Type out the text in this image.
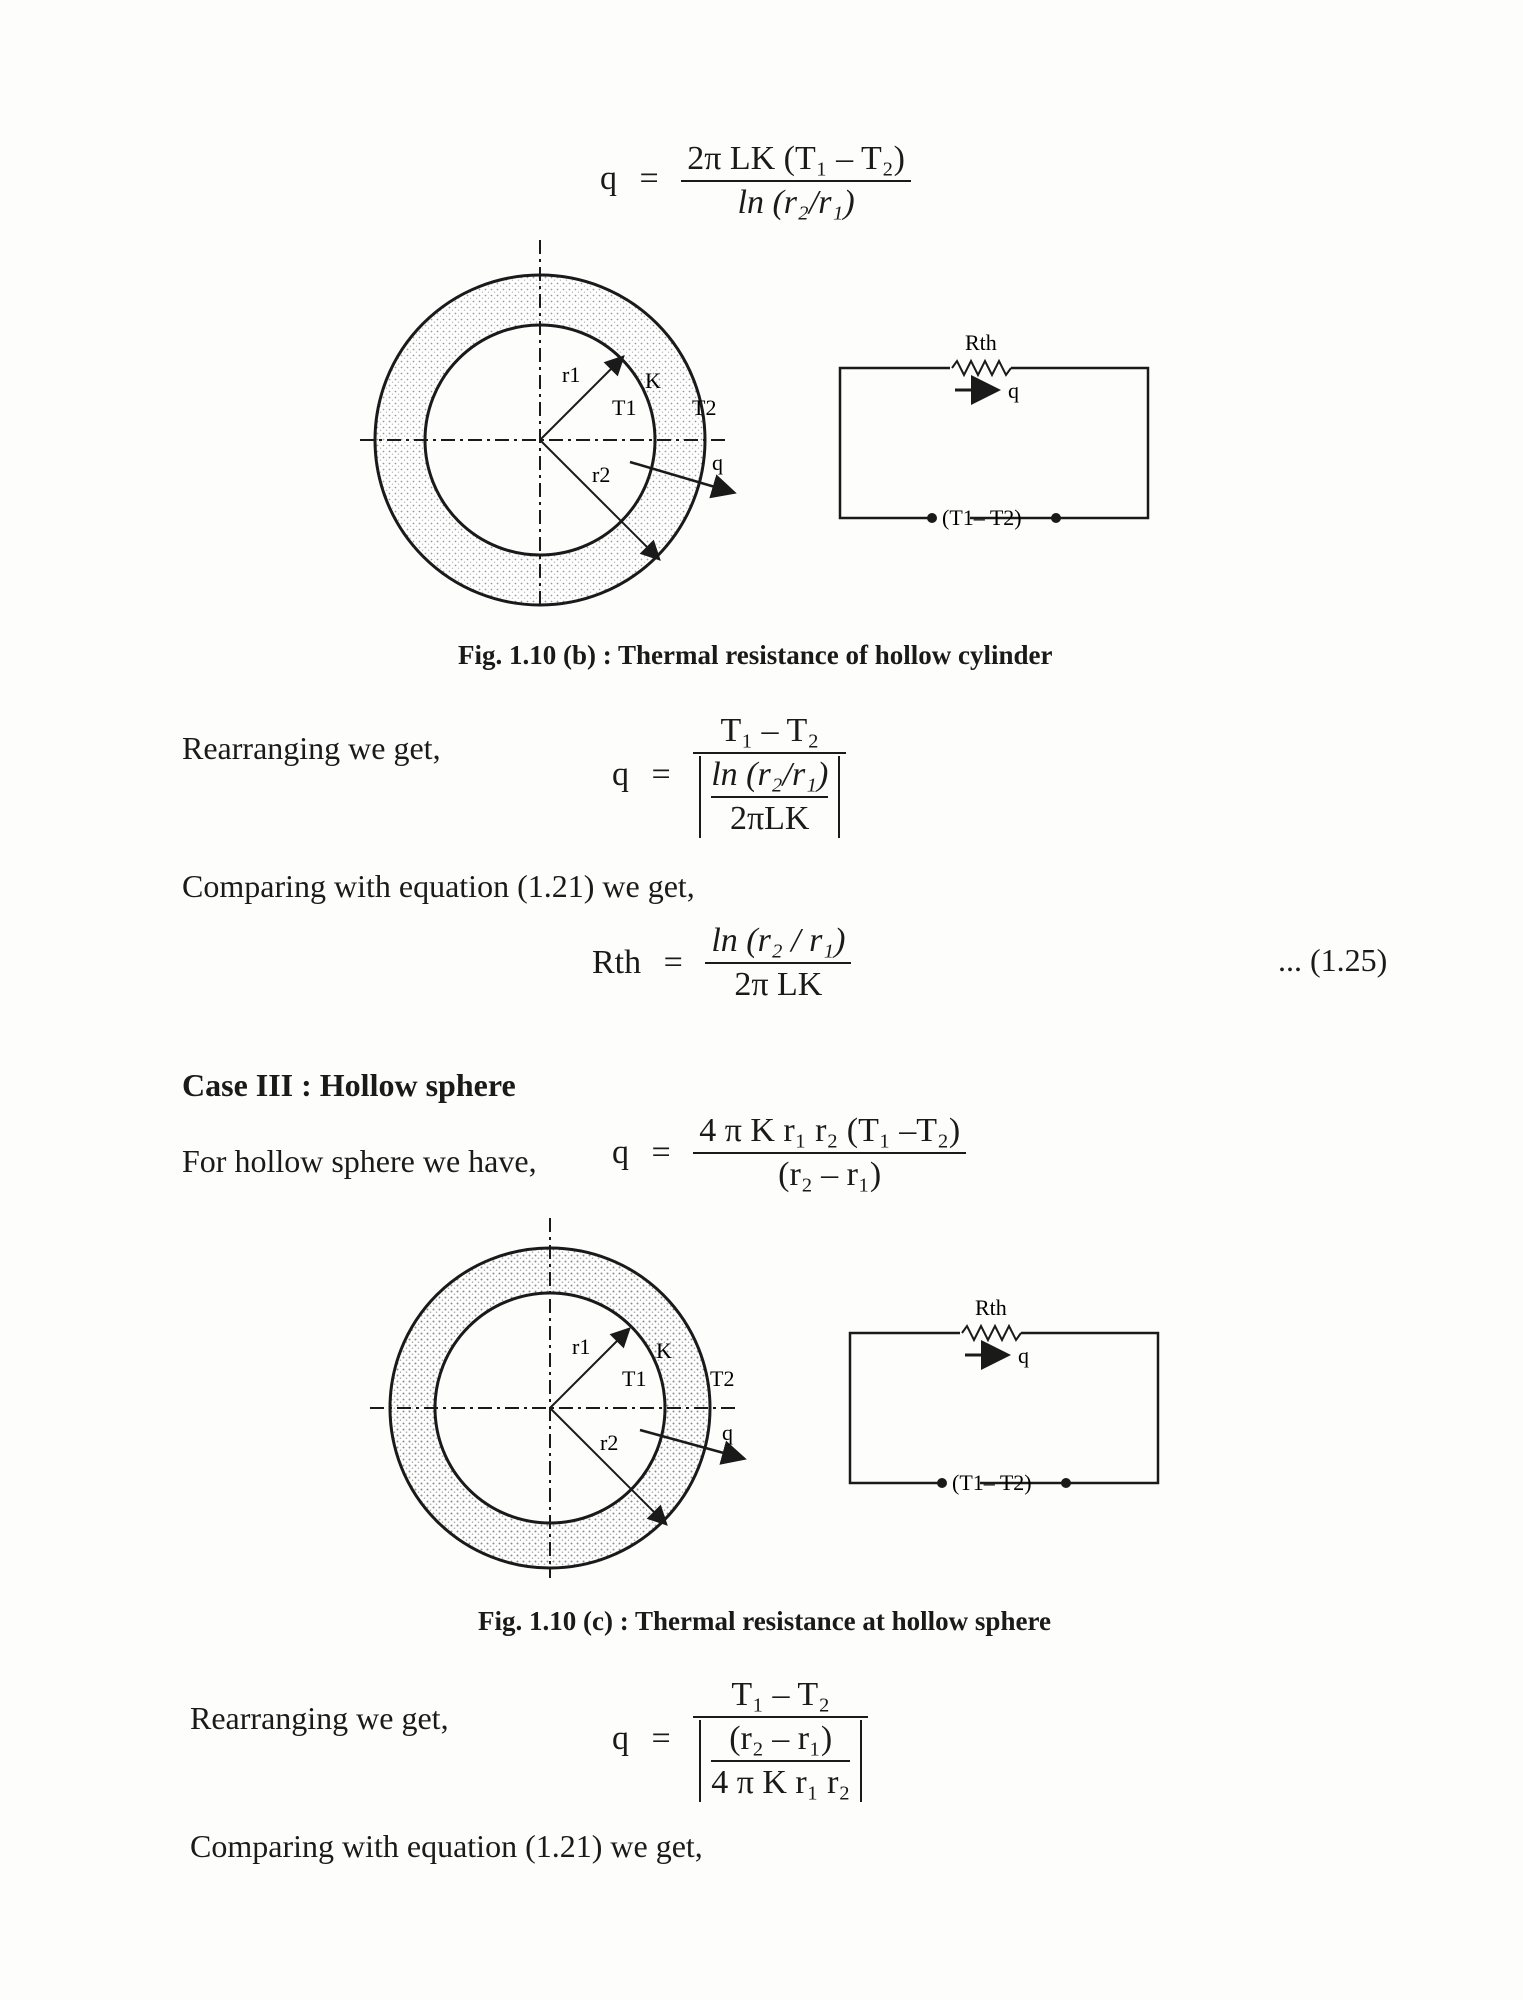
$q = \frac{\text{2π LK (T₁ – T₂)}}{\text{ln (r₂/r₁)}}$
r1
r2
K
T1	T2
q
Rth
q
(T1– T2)
Fig. 1.10 (b) : Thermal resistance of hollow cylinder
Rearranging we get,
q = T₁ – T₂
ln (r₂/r₁)
2πLK
Comparing with equation (1.21) we get,
Rth = $\frac{\text{ln (r₂ / r₁)}}{\text{2π LK}}$	... (1.25)
Case III : Hollow sphere
For hollow sphere we have, $q = \frac{\text{4 π K r₁ r₂ (T₁ –T₂)}}{\text{(r₂ – r₁)}}$
r1
r2
K
T1	T2
q
Rth
q
(T1– T2)
Fig. 1.10 (c) : Thermal resistance at hollow sphere
Rearranging we get,
$q = \frac{\text{T₁ – T₂}}{\frac{\text{(r₂ – r₁)}}{\text{4 π K r₁ r₂}}}$
Comparing with equation (1.21) we get,
